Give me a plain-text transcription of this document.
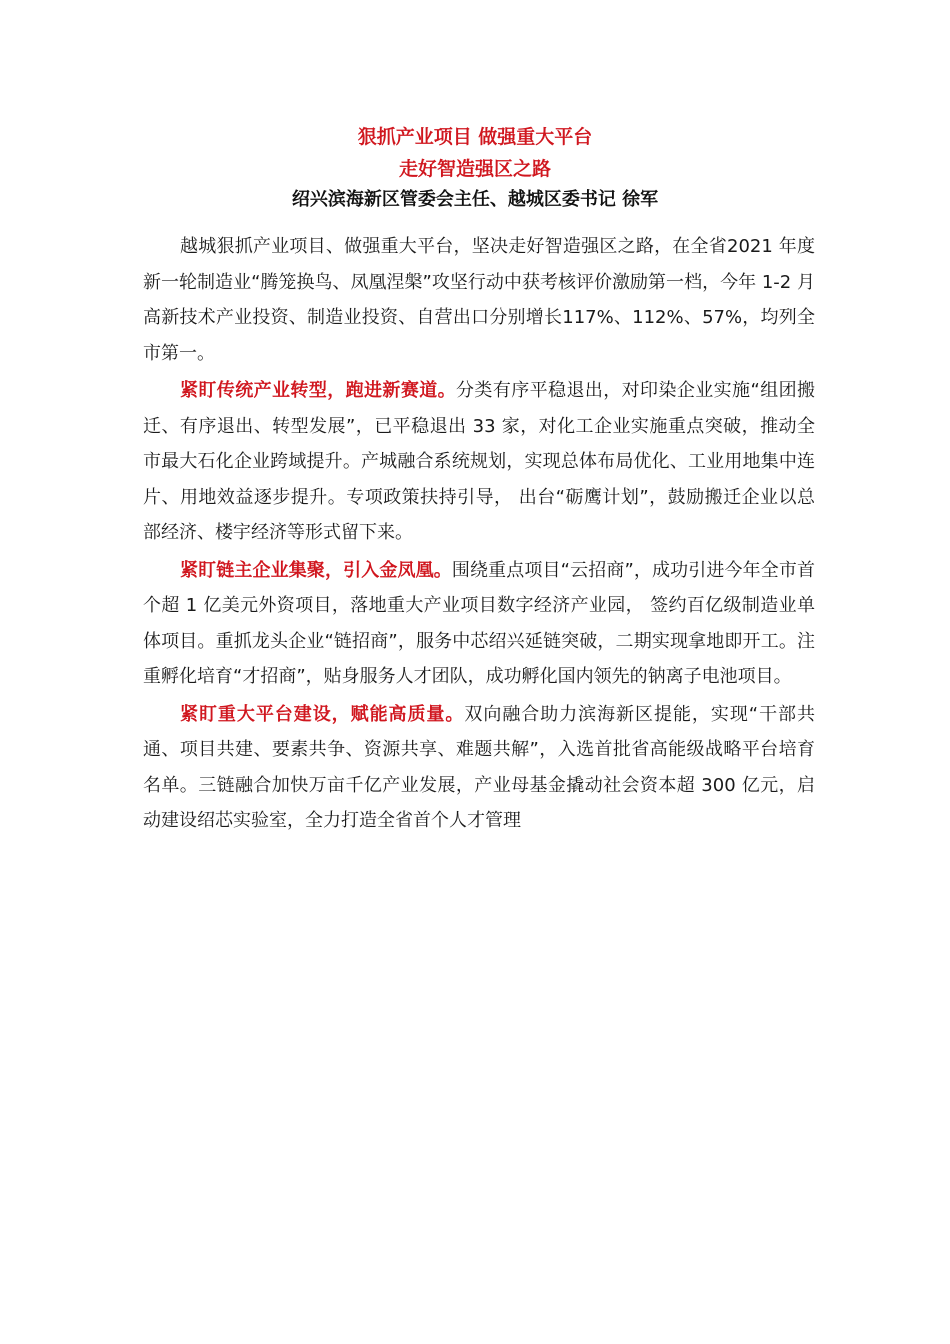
狠抓产业项目 做强重大平台
走好智造强区之路
绍兴滨海新区管委会主任、越城区委书记 徐军

越城狠抓产业项目、做强重大平台，坚决走好智造强区之路，在全省2021 年度新一轮制造业“腾笼换鸟、凤凰涅槃”攻坚行动中获考核评价激励第一档，今年 1-2 月高新技术产业投资、制造业投资、自营出口分别增长117%、112%、57%，均列全市第一。

紧盯传统产业转型，跑进新赛道。分类有序平稳退出，对印染企业实施“组团搬迁、有序退出、转型发展”，已平稳退出 33 家，对化工企业实施重点突破，推动全市最大石化企业跨域提升。产城融合系统规划，实现总体布局优化、工业用地集中连片、用地效益逐步提升。专项政策扶持引导， 出台“砺鹰计划”，鼓励搬迁企业以总部经济、楼宇经济等形式留下来。

紧盯链主企业集聚，引入金凤凰。围绕重点项目“云招商”，成功引进今年全市首个超 1 亿美元外资项目，落地重大产业项目数字经济产业园， 签约百亿级制造业单体项目。重抓龙头企业“链招商”，服务中芯绍兴延链突破，二期实现拿地即开工。注重孵化培育“才招商”，贴身服务人才团队，成功孵化国内领先的钠离子电池项目。

紧盯重大平台建设，赋能高质量。双向融合助力滨海新区提能，实现“干部共通、项目共建、要素共争、资源共享、难题共解”，入选首批省高能级战略平台培育名单。三链融合加快万亩千亿产业发展，产业母基金撬动社会资本超 300 亿元，启动建设绍芯实验室，全力打造全省首个人才管理
